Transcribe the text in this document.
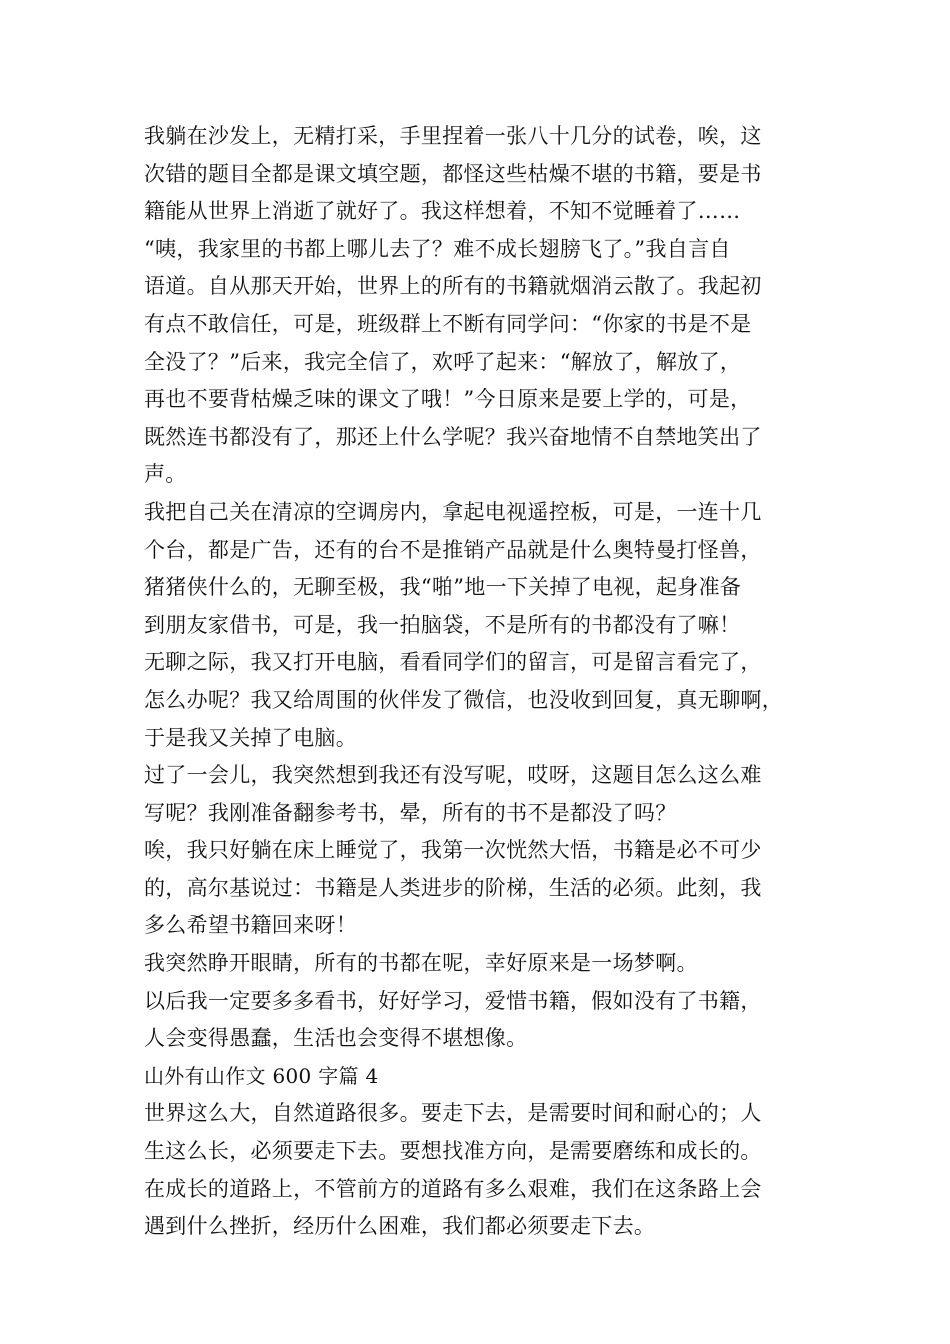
我躺在沙发上，无精打采，手里捏着一张八十几分的试卷，唉，这
次错的题目全都是课文填空题，都怪这些枯燥不堪的书籍，要是书
籍能从世界上消逝了就好了。我这样想着，不知不觉睡着了……
“咦，我家里的书都上哪儿去了？难不成长翅膀飞了。”我自言自
语道。自从那天开始，世界上的所有的书籍就烟消云散了。我起初
有点不敢信任，可是，班级群上不断有同学问：“你家的书是不是
全没了？”后来，我完全信了，欢呼了起来：“解放了，解放了，
再也不要背枯燥乏味的课文了哦！”今日原来是要上学的，可是，
既然连书都没有了，那还上什么学呢？我兴奋地情不自禁地笑出了
声。
我把自己关在清凉的空调房内，拿起电视遥控板，可是，一连十几
个台，都是广告，还有的台不是推销产品就是什么奥特曼打怪兽，
猪猪侠什么的，无聊至极，我“啪”地一下关掉了电视，起身准备
到朋友家借书，可是，我一拍脑袋，不是所有的书都没有了嘛！
无聊之际，我又打开电脑，看看同学们的留言，可是留言看完了，
怎么办呢？我又给周围的伙伴发了微信，也没收到回复，真无聊啊，
于是我又关掉了电脑。
过了一会儿，我突然想到我还有没写呢，哎呀，这题目怎么这么难
写呢？我刚准备翻参考书，晕，所有的书不是都没了吗？
唉，我只好躺在床上睡觉了，我第一次恍然大悟，书籍是必不可少
的，高尔基说过：书籍是人类进步的阶梯，生活的必须。此刻，我
多么希望书籍回来呀！
我突然睁开眼睛，所有的书都在呢，幸好原来是一场梦啊。
以后我一定要多多看书，好好学习，爱惜书籍，假如没有了书籍，
人会变得愚蠢，生活也会变得不堪想像。
山外有山作文 600 字篇 4
世界这么大，自然道路很多。要走下去，是需要时间和耐心的；人
生这么长，必须要走下去。要想找准方向，是需要磨练和成长的。
在成长的道路上，不管前方的道路有多么艰难，我们在这条路上会
遇到什么挫折，经历什么困难，我们都必须要走下去。
